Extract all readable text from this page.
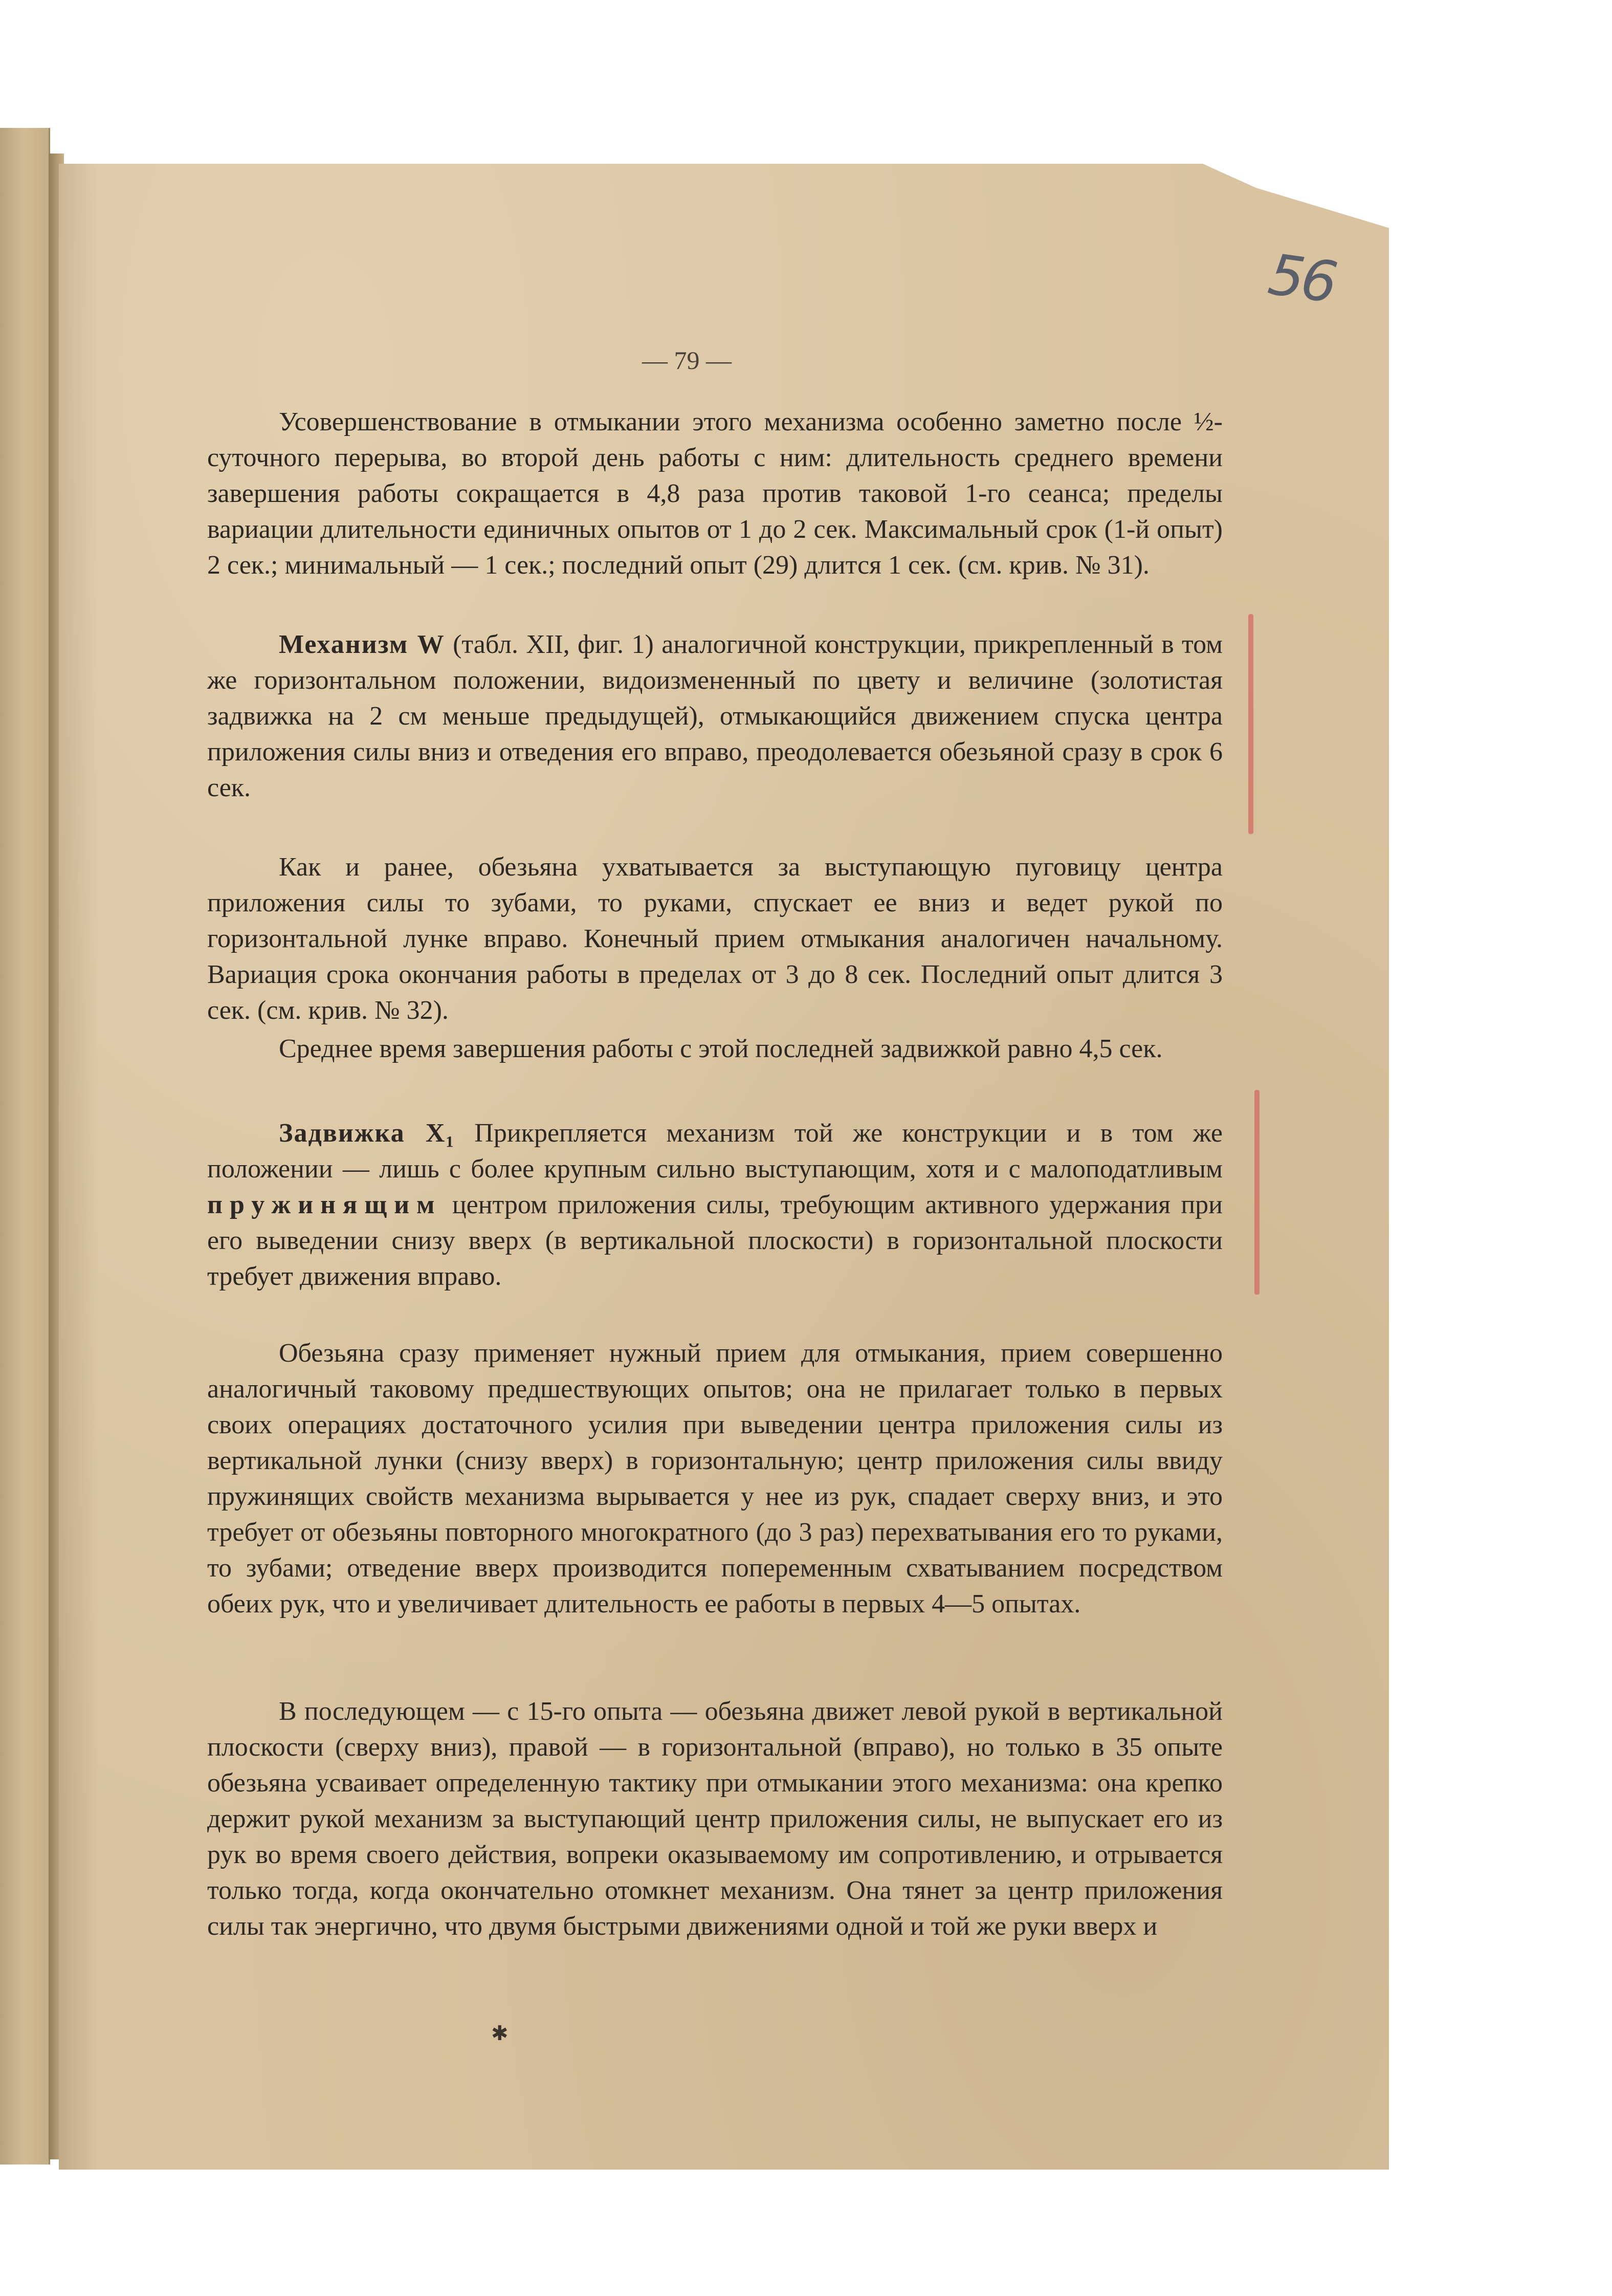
56
— 79 —

Усовершенствование в отмыкании этого механизма особенно заметно после ½-суточного перерыва, во второй день работы с ним: длительность среднего времени завершения работы сокращается в 4,8 раза против таковой 1-го сеанса; пределы вариации длительности единичных опытов от 1 до 2 сек. Максимальный срок (1-й опыт) 2 сек.; минимальный — 1 сек.; последний опыт (29) длится 1 сек. (см. крив. № 31).

Механизм W (табл. XII, фиг. 1) аналогичной конструкции, прикрепленный в том же горизонтальном положении, видоизмененный по цвету и величине (золотистая задвижка на 2 см меньше предыдущей), отмыкающийся движением спуска центра приложения силы вниз и отведения его вправо, преодолевается обезьяной сразу в срок 6 сек.

Как и ранее, обезьяна ухватывается за выступающую пуговицу центра приложения силы то зубами, то руками, спускает ее вниз и ведет рукой по горизонтальной лунке вправо. Конечный прием отмыкания аналогичен начальному. Вариация срока окончания работы в пределах от 3 до 8 сек. Последний опыт длится 3 сек. (см. крив. № 32).

Среднее время завершения работы с этой последней задвижкой равно 4,5 сек.

Задвижка X₁ Прикрепляется механизм той же конструкции и в том же положении — лишь с более крупным сильно выступающим, хотя и с малоподатливым пружинящим центром приложения силы, требующим активного удержания при его выведении снизу вверх (в вертикальной плоскости) в горизонтальной плоскости требует движения вправо.

Обезьяна сразу применяет нужный прием для отмыкания, прием совершенно аналогичный таковому предшествующих опытов; она не прилагает только в первых своих операциях достаточного усилия при выведении центра приложения силы из вертикальной лунки (снизу вверх) в горизонтальную; центр приложения силы ввиду пружинящих свойств механизма вырывается у нее из рук, спадает сверху вниз, и это требует от обезьяны повторного многократного (до 3 раз) перехватывания его то руками, то зубами; отведение вверх производится попеременным схватыванием посредством обеих рук, что и увеличивает длительность ее работы в первых 4—5 опытах.

В последующем — с 15-го опыта — обезьяна движет левой рукой в вертикальной плоскости (сверху вниз), правой — в горизонтальной (вправо), но только в 35 опыте обезьяна усваивает определенную тактику при отмыкании этого механизма: она крепко держит рукой механизм за выступающий центр приложения силы, не выпускает его из рук во время своего действия, вопреки оказываемому им сопротивлению, и отрывается только тогда, когда окончательно отомкнет механизм. Она тянет за центр приложения силы так энергично, что двумя быстрыми движениями одной и той же руки вверх и

✱
